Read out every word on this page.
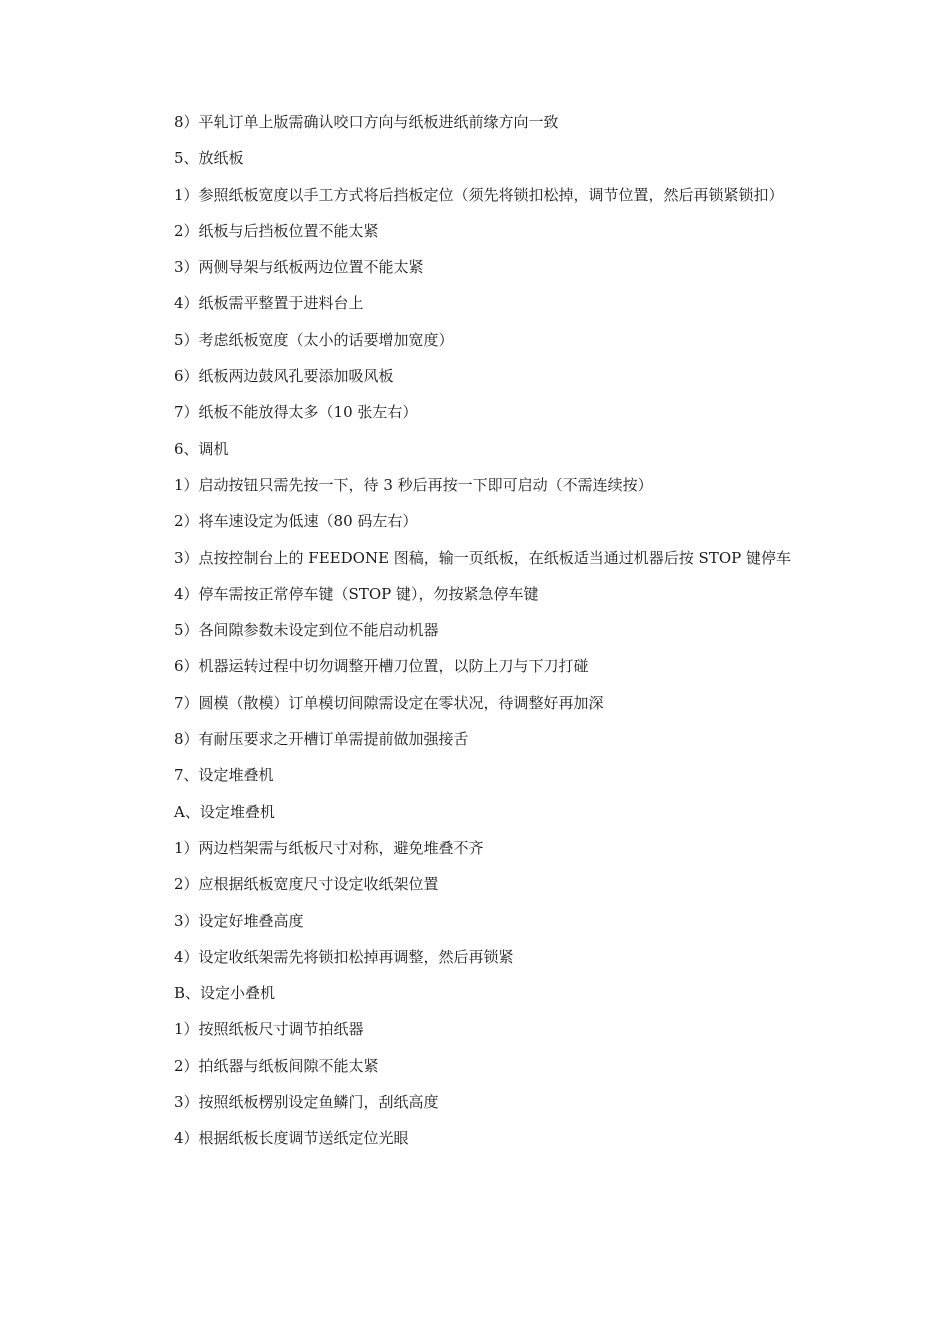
8）平轧订单上版需确认咬口方向与纸板进纸前缘方向一致

5、放纸板

1）参照纸板宽度以手工方式将后挡板定位（须先将锁扣松掉，调节位置，然后再锁紧锁扣）

2）纸板与后挡板位置不能太紧

3）两侧导架与纸板两边位置不能太紧

4）纸板需平整置于进料台上

5）考虑纸板宽度（太小的话要增加宽度）

6）纸板两边鼓风孔要添加吸风板

7）纸板不能放得太多（10 张左右）

6、调机

1）启动按钮只需先按一下，待 3 秒后再按一下即可启动（不需连续按）

2）将车速设定为低速（80 码左右）

3）点按控制台上的 FEEDONE 图稿，输一页纸板，在纸板适当通过机器后按 STOP 键停车

4）停车需按正常停车键（STOP 键），勿按紧急停车键

5）各间隙参数未设定到位不能启动机器

6）机器运转过程中切勿调整开槽刀位置，以防上刀与下刀打碰

7）圆模（散模）订单模切间隙需设定在零状况，待调整好再加深

8）有耐压要求之开槽订单需提前做加强接舌

7、设定堆叠机

A、设定堆叠机

1）两边档架需与纸板尺寸对称，避免堆叠不齐

2）应根据纸板宽度尺寸设定收纸架位置

3）设定好堆叠高度

4）设定收纸架需先将锁扣松掉再调整，然后再锁紧

B、设定小叠机

1）按照纸板尺寸调节拍纸器

2）拍纸器与纸板间隙不能太紧

3）按照纸板楞别设定鱼鳞门，刮纸高度

4）根据纸板长度调节送纸定位光眼
